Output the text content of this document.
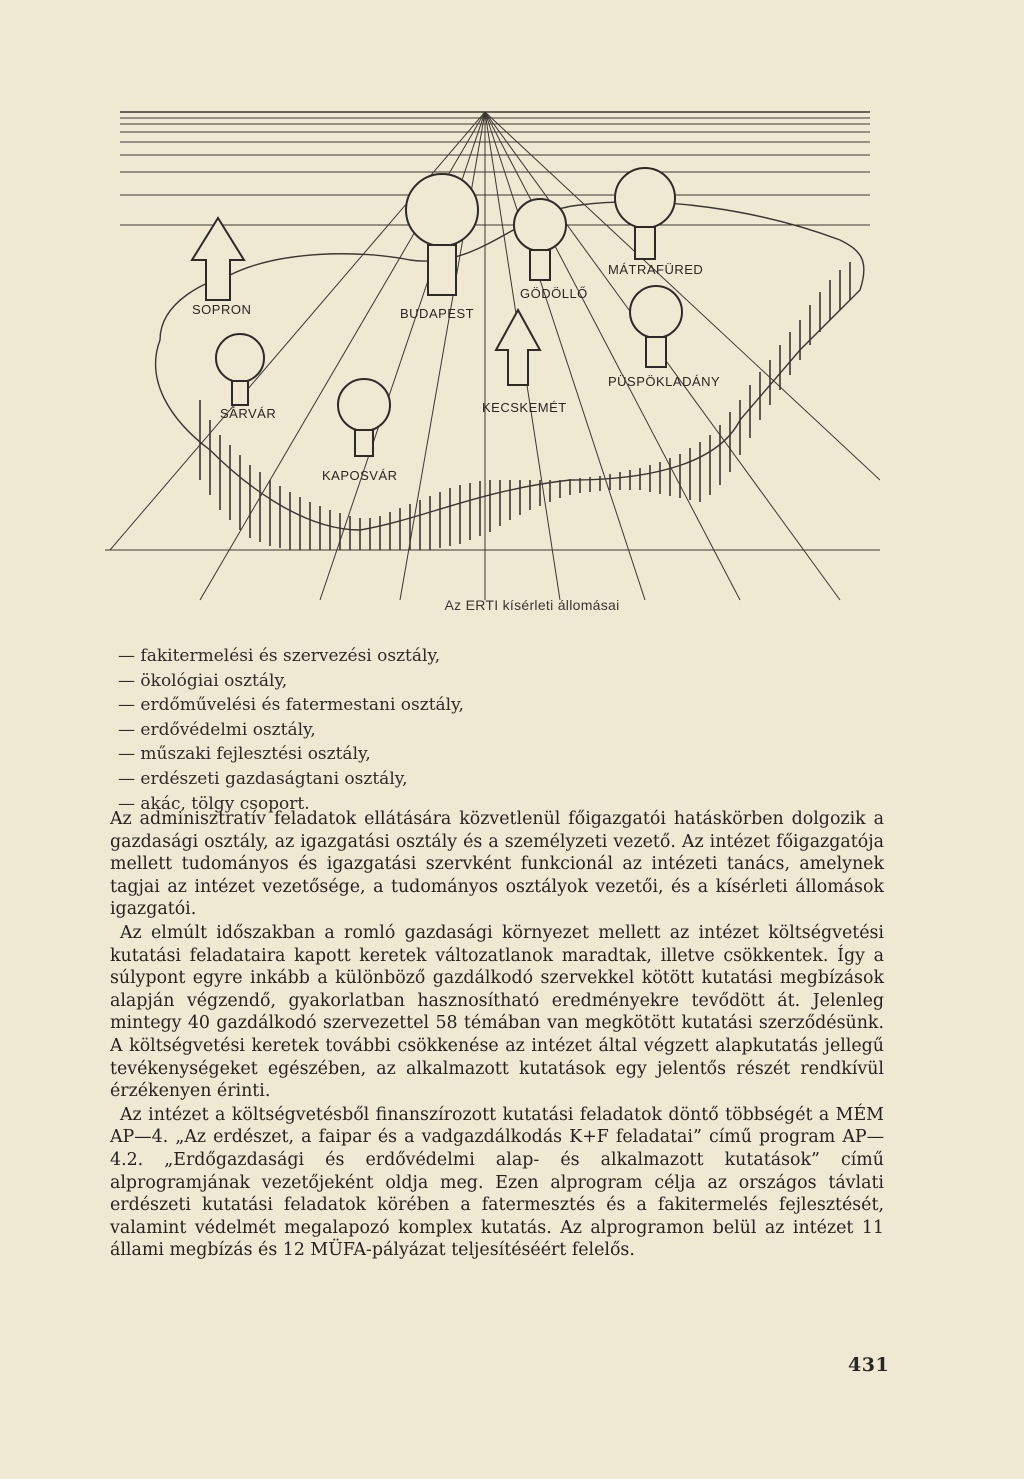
SOPRON
SÁRVÁR
KAPOSVÁR
BUDAPEST
GÖDÖLLŐ
KECSKEMÉT
MÁTRAFÜRED
PÜSPÖKLADÁNY
Az ERTI kísérleti állomásai
— fakitermelési és szervezési osztály,
— ökológiai osztály,
— erdőművelési és fatermestani osztály,
— erdővédelmi osztály,
— műszaki fejlesztési osztály,
— erdészeti gazdaságtani osztály,
— akác, tölgy csoport.

Az adminisztratív feladatok ellátására közvetlenül főigazgatói hatáskörben dolgozik a gazdasági osztály, az igazgatási osztály és a személyzeti vezető. Az intézet főigazgatója mellett tudományos és igazgatási szervként funkcionál az intézeti tanács, amelynek tagjai az intézet vezetősége, a tudományos osztályok vezetői, és a kísérleti állomások igazgatói.

Az elmúlt időszakban a romló gazdasági környezet mellett az intézet költségvetési kutatási feladataira kapott keretek változatlanok maradtak, illetve csökkentek. Így a súlypont egyre inkább a különböző gazdálkodó szervekkel kötött kutatási megbízások alapján végzendő, gyakorlatban hasznosítható eredményekre tevődött át. Jelenleg mintegy 40 gazdálkodó szervezettel 58 témában van megkötött kutatási szerződésünk. A költségvetési keretek további csökkenése az intézet által végzett alapkutatás jellegű tevékenységeket egészében, az alkalmazott kutatások egy jelentős részét rendkívül érzékenyen érinti.

Az intézet a költségvetésből finanszírozott kutatási feladatok döntő többségét a MÉM AP—4. „Az erdészet, a faipar és a vadgazdálkodás K+F feladatai” című program AP—4.2. „Erdőgazdasági és erdővédelmi alap- és alkalmazott kutatások” című alprogramjának vezetőjeként oldja meg. Ezen alprogram célja az országos távlati erdészeti kutatási feladatok körében a fatermesztés és a fakitermelés fejlesztését, valamint védelmét megalapozó komplex kutatás. Az alprogramon belül az intézet 11 állami megbízás és 12 MÜFA-pályázat teljesítéséért felelős.

431
